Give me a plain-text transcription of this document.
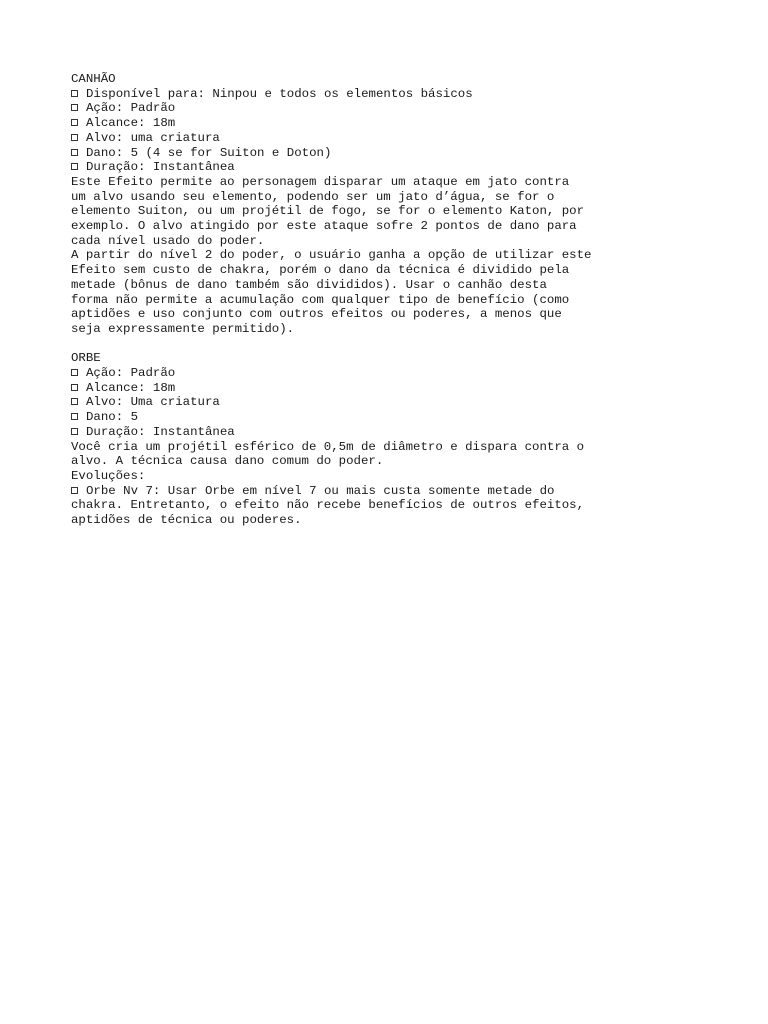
CANHÃO

Disponível para: Ninpou e todos os elementos básicos

Ação: Padrão

Alcance: 18m

Alvo: uma criatura

Dano: 5 (4 se for Suiton e Doton)

Duração: Instantânea

Este Efeito permite ao personagem disparar um ataque em jato contra

um alvo usando seu elemento, podendo ser um jato d’água, se for o

elemento Suiton, ou um projétil de fogo, se for o elemento Katon, por

exemplo. O alvo atingido por este ataque sofre 2 pontos de dano para

cada nível usado do poder.

A partir do nível 2 do poder, o usuário ganha a opção de utilizar este

Efeito sem custo de chakra, porém o dano da técnica é dividido pela

metade (bônus de dano também são divididos). Usar o canhão desta

forma não permite a acumulação com qualquer tipo de benefício (como

aptidões e uso conjunto com outros efeitos ou poderes, a menos que

seja expressamente permitido).

ORBE

Ação: Padrão

Alcance: 18m

Alvo: Uma criatura

Dano: 5

Duração: Instantânea

Você cria um projétil esférico de 0,5m de diâmetro e dispara contra o

alvo. A técnica causa dano comum do poder.

Evoluções:

Orbe Nv 7: Usar Orbe em nível 7 ou mais custa somente metade do

chakra. Entretanto, o efeito não recebe benefícios de outros efeitos,

aptidões de técnica ou poderes.
